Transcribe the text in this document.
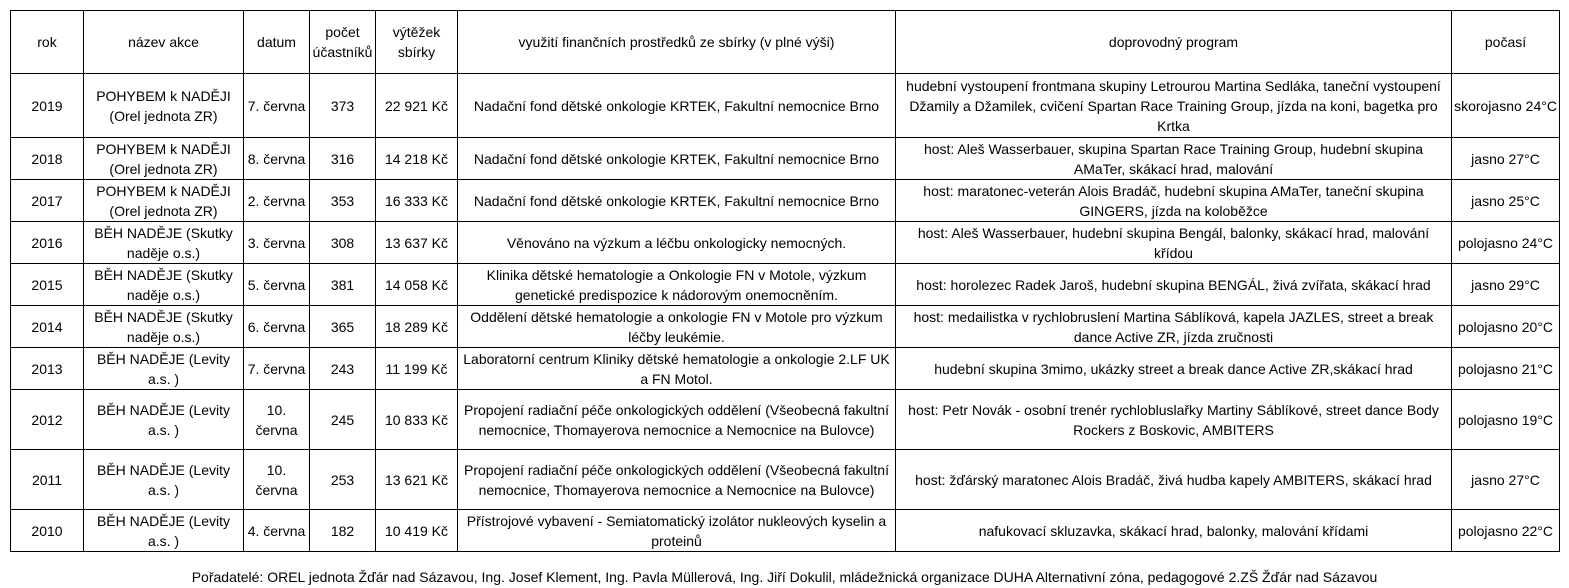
rok	název akce	datum	počet účastníků	výtěžek sbírky	využití finančních prostředků ze sbírky (v plné výši)	doprovodný program	počasí
2019	POHYBEM k NADĚJI (Orel jednota ZR)	7. června	373	22 921 Kč	Nadační fond dětské onkologie KRTEK, Fakultní nemocnice Brno	hudební vystoupení frontmana skupiny Letrourou Martina Sedláka, taneční vystoupení Džamily a Džamilek, cvičení Spartan Race Training Group, jízda na koni, bagetka pro Krtka	skorojasno 24°C
2018	POHYBEM k NADĚJI (Orel jednota ZR)	8. června	316	14 218 Kč	Nadační fond dětské onkologie KRTEK, Fakultní nemocnice Brno	host: Aleš Wasserbauer, skupina Spartan Race Training Group, hudební skupina AMaTer, skákací hrad, malování	jasno 27°C
2017	POHYBEM k NADĚJI (Orel jednota ZR)	2. června	353	16 333 Kč	Nadační fond dětské onkologie KRTEK, Fakultní nemocnice Brno	host: maratonec-veterán Alois Bradáč, hudební skupina AMaTer, taneční skupina GINGERS, jízda na koloběžce	jasno 25°C
2016	BĚH NADĚJE (Skutky naděje o.s.)	3. června	308	13 637 Kč	Věnováno na výzkum a léčbu onkologicky nemocných.	host: Aleš Wasserbauer, hudební skupina Bengál, balonky, skákací hrad, malování křídou	polojasno 24°C
2015	BĚH NADĚJE (Skutky naděje o.s.)	5. června	381	14 058 Kč	Klinika dětské hematologie a Onkologie FN v Motole, výzkum genetické predispozice k nádorovým onemocněním.	host: horolezec Radek Jaroš, hudební skupina BENGÁL, živá zvířata, skákací hrad	jasno 29°C
2014	BĚH NADĚJE (Skutky naděje o.s.)	6. června	365	18 289 Kč	Oddělení dětské hematologie a onkologie FN v Motole pro výzkum léčby leukémie.	host: medailistka v rychlobruslení Martina Sáblíková, kapela JAZLES, street a break dance Active ZR, jízda zručnosti	polojasno 20°C
2013	BĚH NADĚJE (Levity a.s. )	7. června	243	11 199 Kč	Laboratorní centrum Kliniky dětské hematologie a onkologie 2.LF UK a FN Motol.	hudební skupina 3mimo, ukázky street a break dance Active ZR,skákací hrad	polojasno 21°C
2012	BĚH NADĚJE (Levity a.s. )	10. června	245	10 833 Kč	Propojení radiační péče onkologických oddělení (Všeobecná fakultní nemocnice, Thomayerova nemocnice a Nemocnice na Bulovce)	host: Petr Novák - osobní trenér rychlobluslařky Martiny Sáblíkové, street dance Body Rockers z Boskovic, AMBITERS	polojasno 19°C
2011	BĚH NADĚJE (Levity a.s. )	10. června	253	13 621 Kč	Propojení radiační péče onkologických oddělení (Všeobecná fakultní nemocnice, Thomayerova nemocnice a Nemocnice na Bulovce)	host: žďárský maratonec Alois Bradáč, živá hudba kapely AMBITERS, skákací hrad	jasno 27°C
2010	BĚH NADĚJE (Levity a.s. )	4. června	182	10 419 Kč	Přístrojové vybavení - Semiatomatický izolátor nukleových kyselin a proteinů	nafukovací skluzavka, skákací hrad, balonky, malování křídami	polojasno 22°C
Pořadatelé: OREL jednota Žďár nad Sázavou, Ing. Josef Klement, Ing. Pavla Müllerová, Ing. Jiří Dokulil, mládežnická organizace DUHA Alternativní zóna, pedagogové 2.ZŠ Žďár nad Sázavou
